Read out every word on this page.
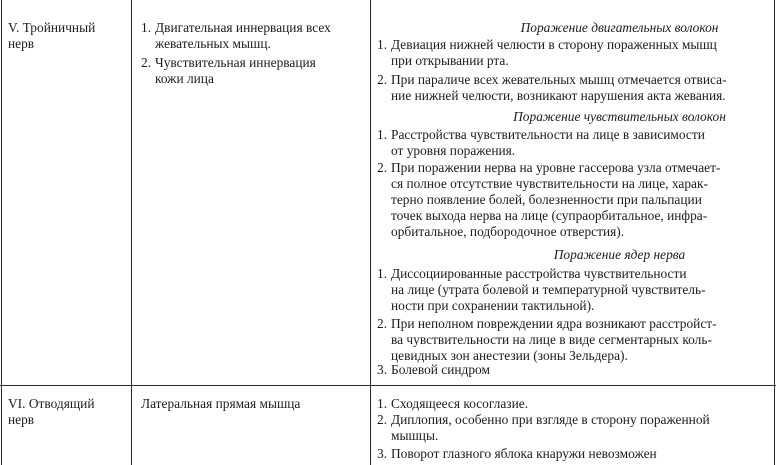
V. Тройничный
нерв
1. Двигательная иннервация всех
жевательных мышц.
2. Чувствительная иннервация
кожи лица
Поражение двигательных волокон
1. Девиация нижней челюсти в сторону пораженных мышц
при открывании рта.
2. При параличе всех жевательных мышц отмечается отвиса-
ние нижней челюсти, возникают нарушения акта жевания.
Поражение чувствительных волокон
1. Расстройства чувствительности на лице в зависимости
от уровня поражения.
2. При поражении нерва на уровне гассерова узла отмечает-
ся полное отсутствие чувствительности на лице, харак-
терно появление болей, болезненности при пальпации
точек выхода нерва на лице (супраорбитальное, инфра-
орбитальное, подбородочное отверстия).
Поражение ядер нерва
1. Диссоциированные расстройства чувствительности
на лице (утрата болевой и температурной чувствитель-
ности при сохранении тактильной).
2. При неполном повреждении ядра возникают расстройст-
ва чувствительности на лице в виде сегментарных коль-
цевидных зон анестезии (зоны Зельдера).
3. Болевой синдром
VI. Отводящий
нерв
Латеральная прямая мышца	1. Сходящееся косоглазие.
2. Диплопия, особенно при взгляде в сторону пораженной
мышцы.
3. Поворот глазного яблока кнаружи невозможен
